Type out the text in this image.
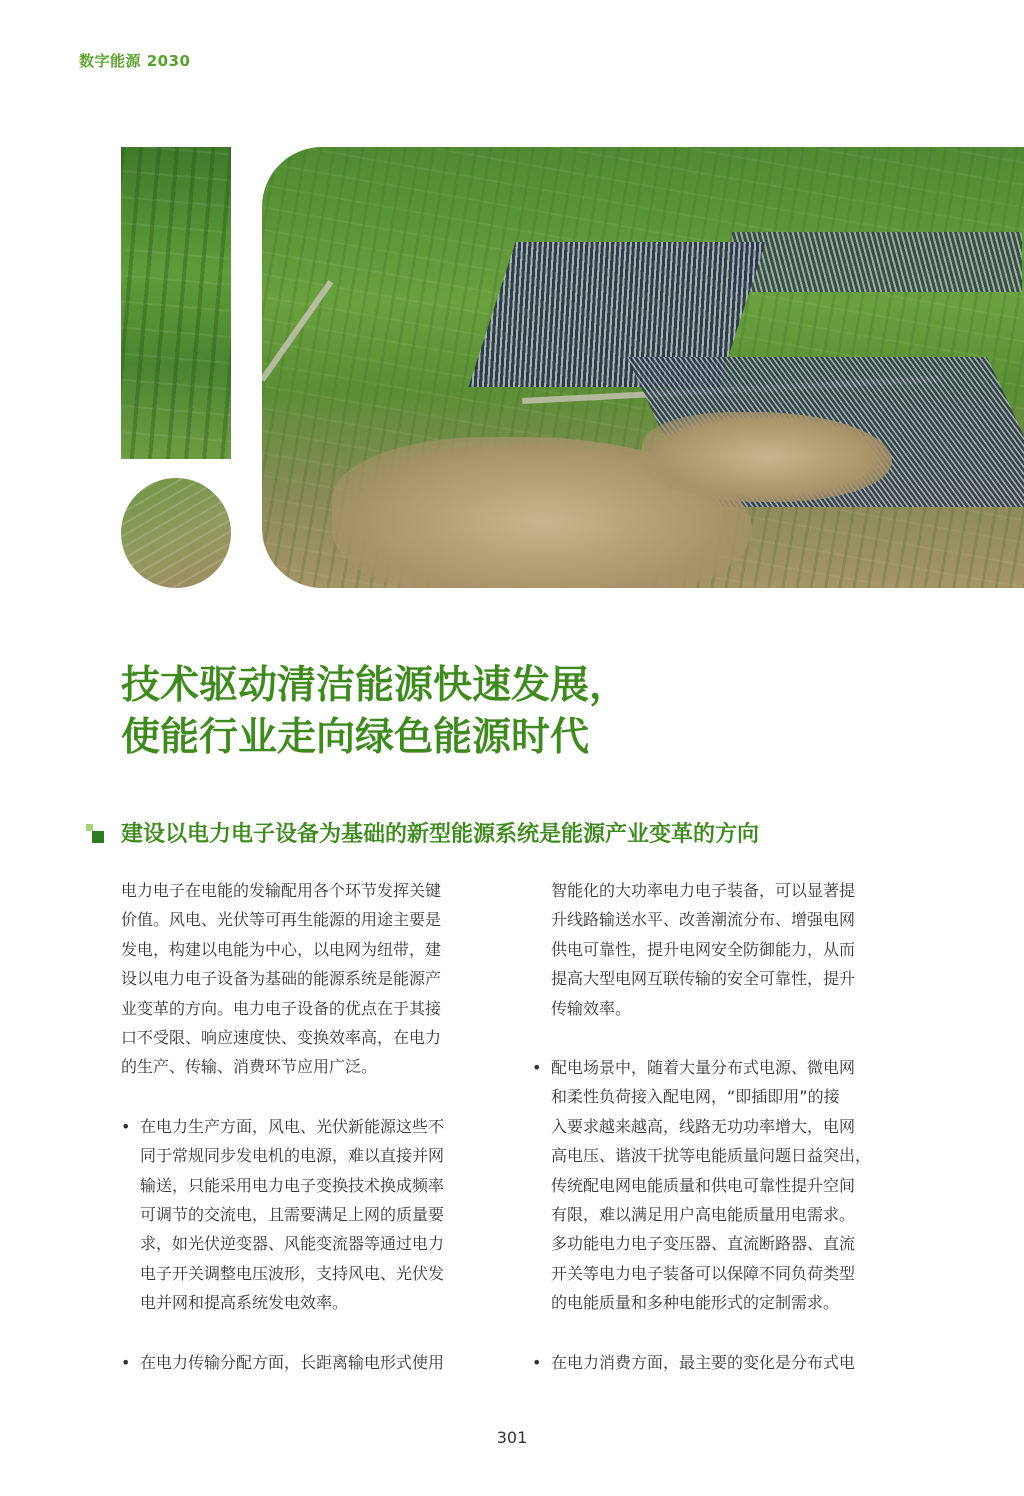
数字能源 2030
技术驱动清洁能源快速发展，
使能行业走向绿色能源时代
建设以电力电子设备为基础的新型能源系统是能源产业变革的方向

电力电子在电能的发输配用各个环节发挥关键
价值。风电、光伏等可再生能源的用途主要是
发电，构建以电能为中心，以电网为纽带，建
设以电力电子设备为基础的能源系统是能源产
业变革的方向。电力电子设备的优点在于其接
口不受限、响应速度快、变换效率高，在电力
的生产、传输、消费环节应用广泛。

• 在电力生产方面，风电、光伏新能源这些不
同于常规同步发电机的电源，难以直接并网
输送，只能采用电力电子变换技术换成频率
可调节的交流电，且需要满足上网的质量要
求，如光伏逆变器、风能变流器等通过电力
电子开关调整电压波形，支持风电、光伏发
电并网和提高系统发电效率。

• 在电力传输分配方面，长距离输电形式使用

智能化的大功率电力电子装备，可以显著提
升线路输送水平、改善潮流分布、增强电网
供电可靠性，提升电网安全防御能力，从而
提高大型电网互联传输的安全可靠性，提升
传输效率。

• 配电场景中，随着大量分布式电源、微电网
和柔性负荷接入配电网，“即插即用”的接
入要求越来越高，线路无功功率增大，电网
高电压、谐波干扰等电能质量问题日益突出，
传统配电网电能质量和供电可靠性提升空间
有限，难以满足用户高电能质量用电需求。
多功能电力电子变压器、直流断路器、直流
开关等电力电子装备可以保障不同负荷类型
的电能质量和多种电能形式的定制需求。

• 在电力消费方面，最主要的变化是分布式电

301
